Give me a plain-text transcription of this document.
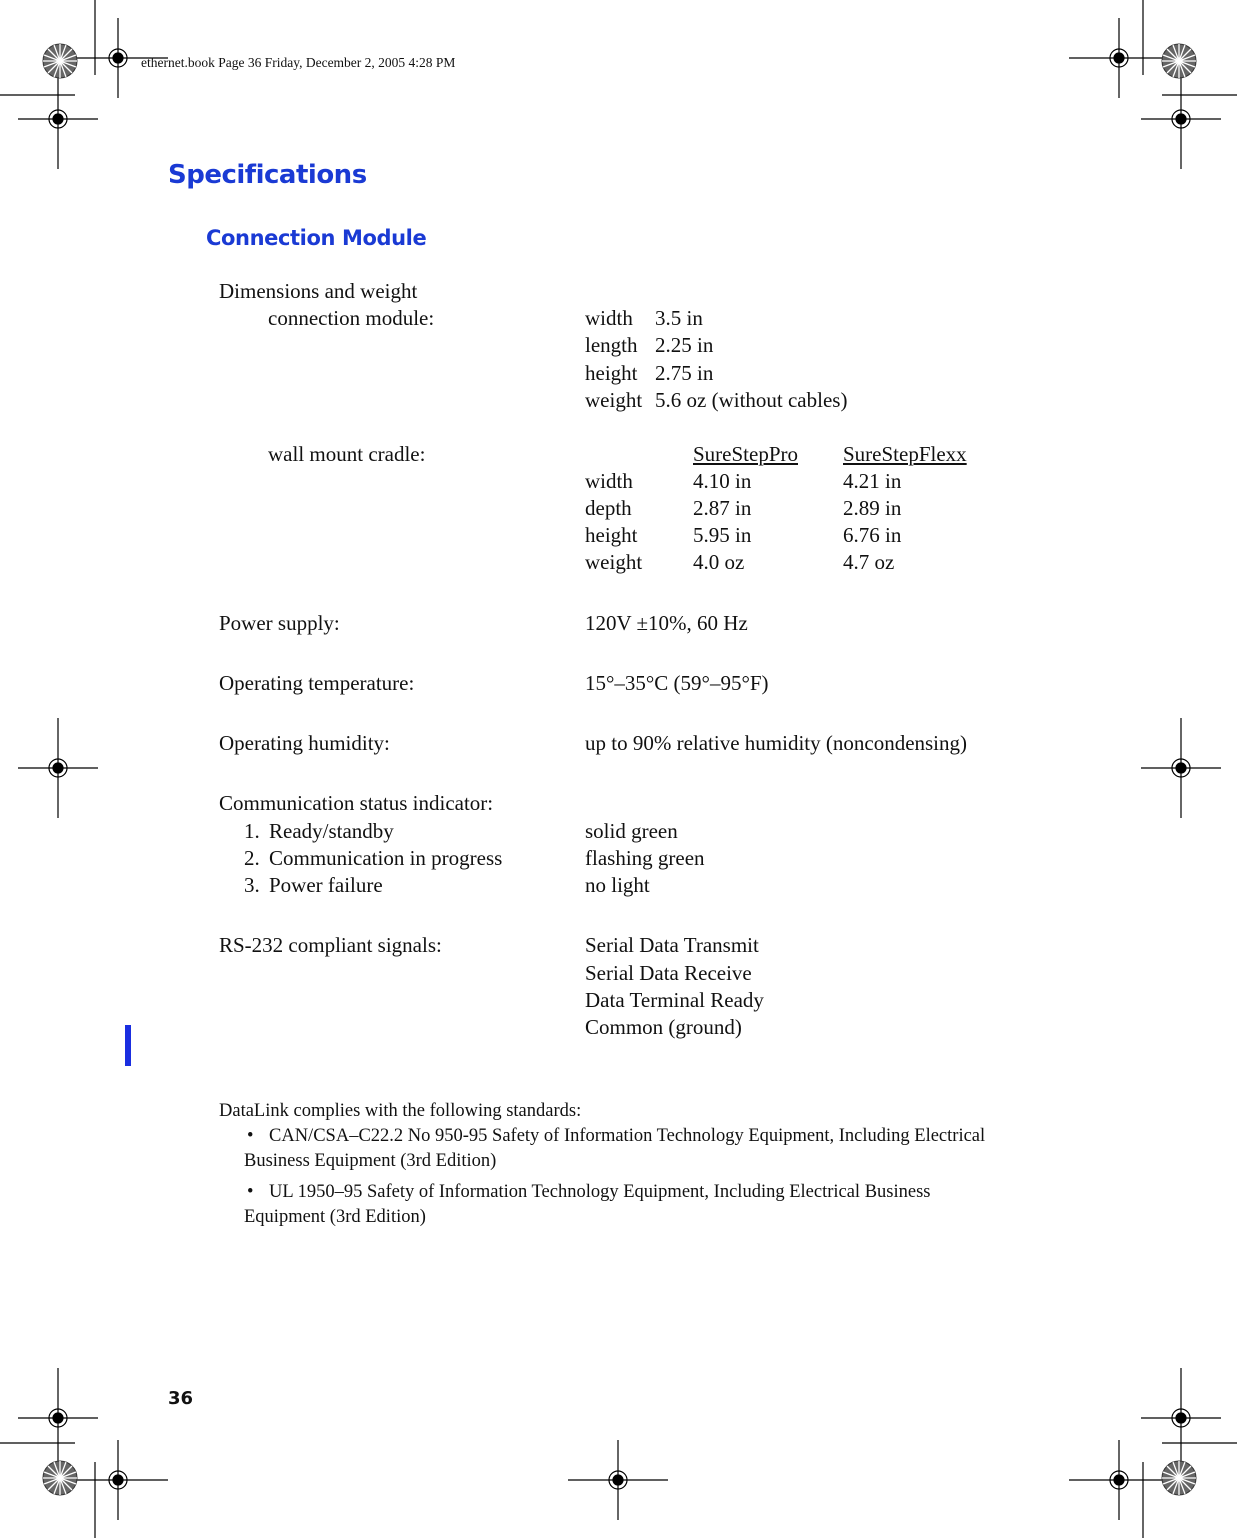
ethernet.book Page 36 Friday, December 2, 2005 4:28 PM
Specifications
Connection Module
Dimensions and weight
connection module:	width 3.5 in
length 2.25 in
height 2.75 in
weight 5.6 oz (without cables)
wall mount cradle:	SureStepPro SureStepFlexx
width	4.10 in	4.21 in
depth	2.87 in	2.89 in
height	5.95 in	6.76 in
weight 4.0 oz	4.7 oz
Power supply:	120V ±10%, 60 Hz
Operating temperature:	15°–35°C (59°–95°F)
Operating humidity:	up to 90% relative humidity (noncondensing)
Communication status indicator:
1. Ready/standby	solid green
2. Communication in progress	flashing green
3. Power failure	no light
RS-232 compliant signals:	Serial Data Transmit
Serial Data Receive
Data Terminal Ready
Common (ground)
DataLink complies with the following standards:
• CAN/CSA–C22.2 No 950-95 Safety of Information Technology Equipment, Including Electrical
Business Equipment (3rd Edition)
• UL 1950–95 Safety of Information Technology Equipment, Including Electrical Business
Equipment (3rd Edition)
36
